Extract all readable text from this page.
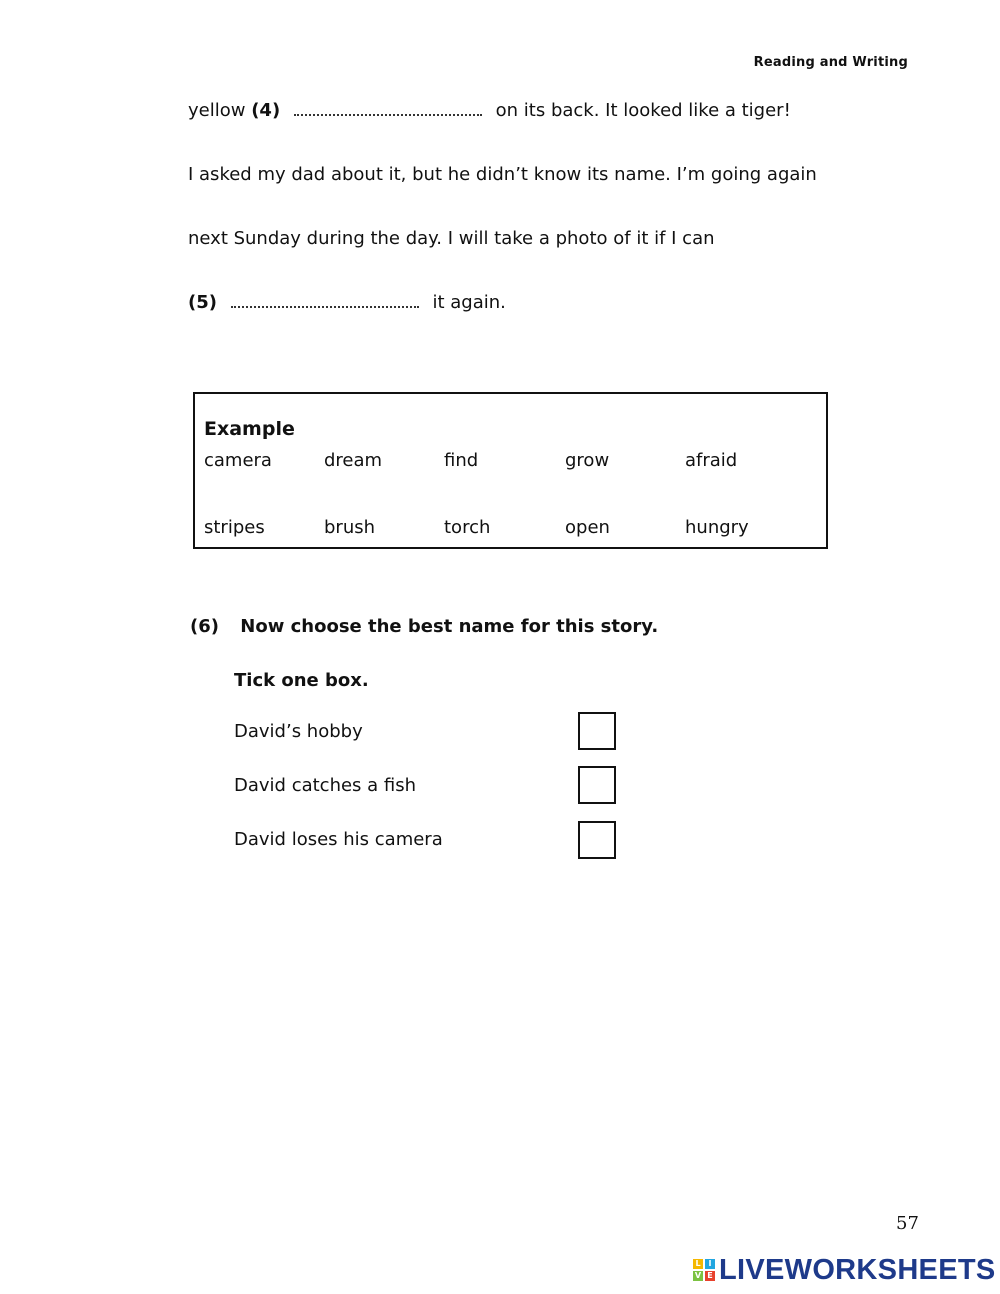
Reading and Writing
yellow (4)	on its back. It looked like a tiger!
I asked my dad about it, but he didn’t know its name. I’m going again
next Sunday during the day. I will take a photo of it if I can
(5)	it again.
Example
camera	dream	find	grow	afraid
stripes	brush	torch	open	hungry
(6) Now choose the best name for this story.
Tick one box.
David’s hobby
David catches a fish
David loses his camera
57
L I
V E LIVEWORKSHEETS
